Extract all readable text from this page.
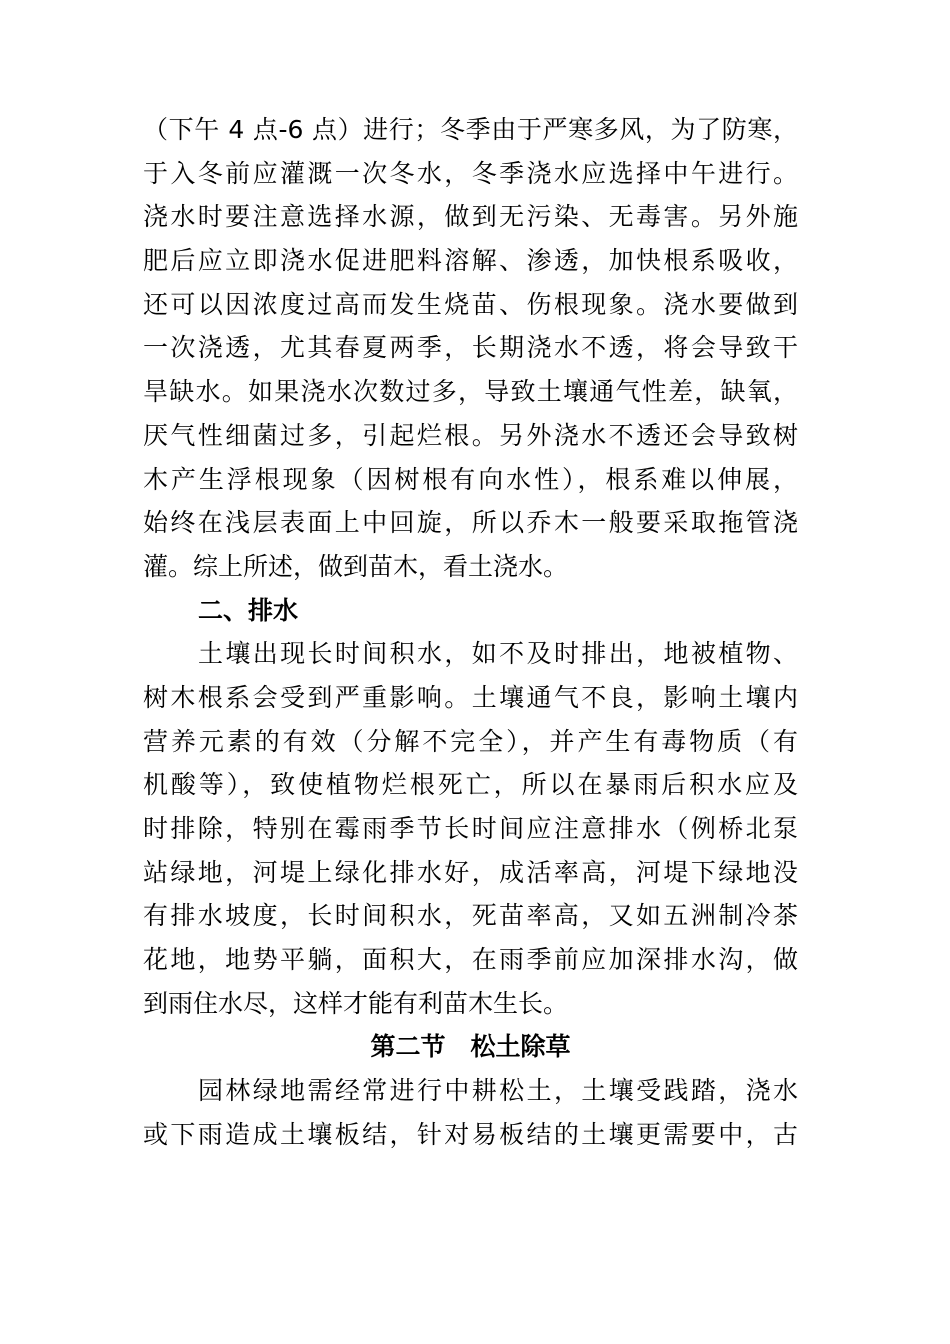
（下午 4 点-6 点）进行；冬季由于严寒多风，为了防寒，
于入冬前应灌溉一次冬水，冬季浇水应选择中午进行。
浇水时要注意选择水源，做到无污染、无毒害。另外施
肥后应立即浇水促进肥料溶解、渗透，加快根系吸收，
还可以因浓度过高而发生烧苗、伤根现象。浇水要做到
一次浇透，尤其春夏两季，长期浇水不透，将会导致干
旱缺水。如果浇水次数过多，导致土壤通气性差，缺氧，
厌气性细菌过多，引起烂根。另外浇水不透还会导致树
木产生浮根现象（因树根有向水性），根系难以伸展，
始终在浅层表面上中回旋，所以乔木一般要采取拖管浇
灌。综上所述，做到苗木，看土浇水。
二、排水
土壤出现长时间积水，如不及时排出，地被植物、
树木根系会受到严重影响。土壤通气不良，影响土壤内
营养元素的有效（分解不完全），并产生有毒物质（有
机酸等），致使植物烂根死亡，所以在暴雨后积水应及
时排除，特别在霉雨季节长时间应注意排水（例桥北泵
站绿地，河堤上绿化排水好，成活率高，河堤下绿地没
有排水坡度，长时间积水，死苗率高，又如五洲制冷茶
花地，地势平躺，面积大，在雨季前应加深排水沟，做
到雨住水尽，这样才能有利苗木生长。
第二节　松土除草
园林绿地需经常进行中耕松土，土壤受践踏，浇水
或下雨造成土壤板结，针对易板结的土壤更需要中，古
